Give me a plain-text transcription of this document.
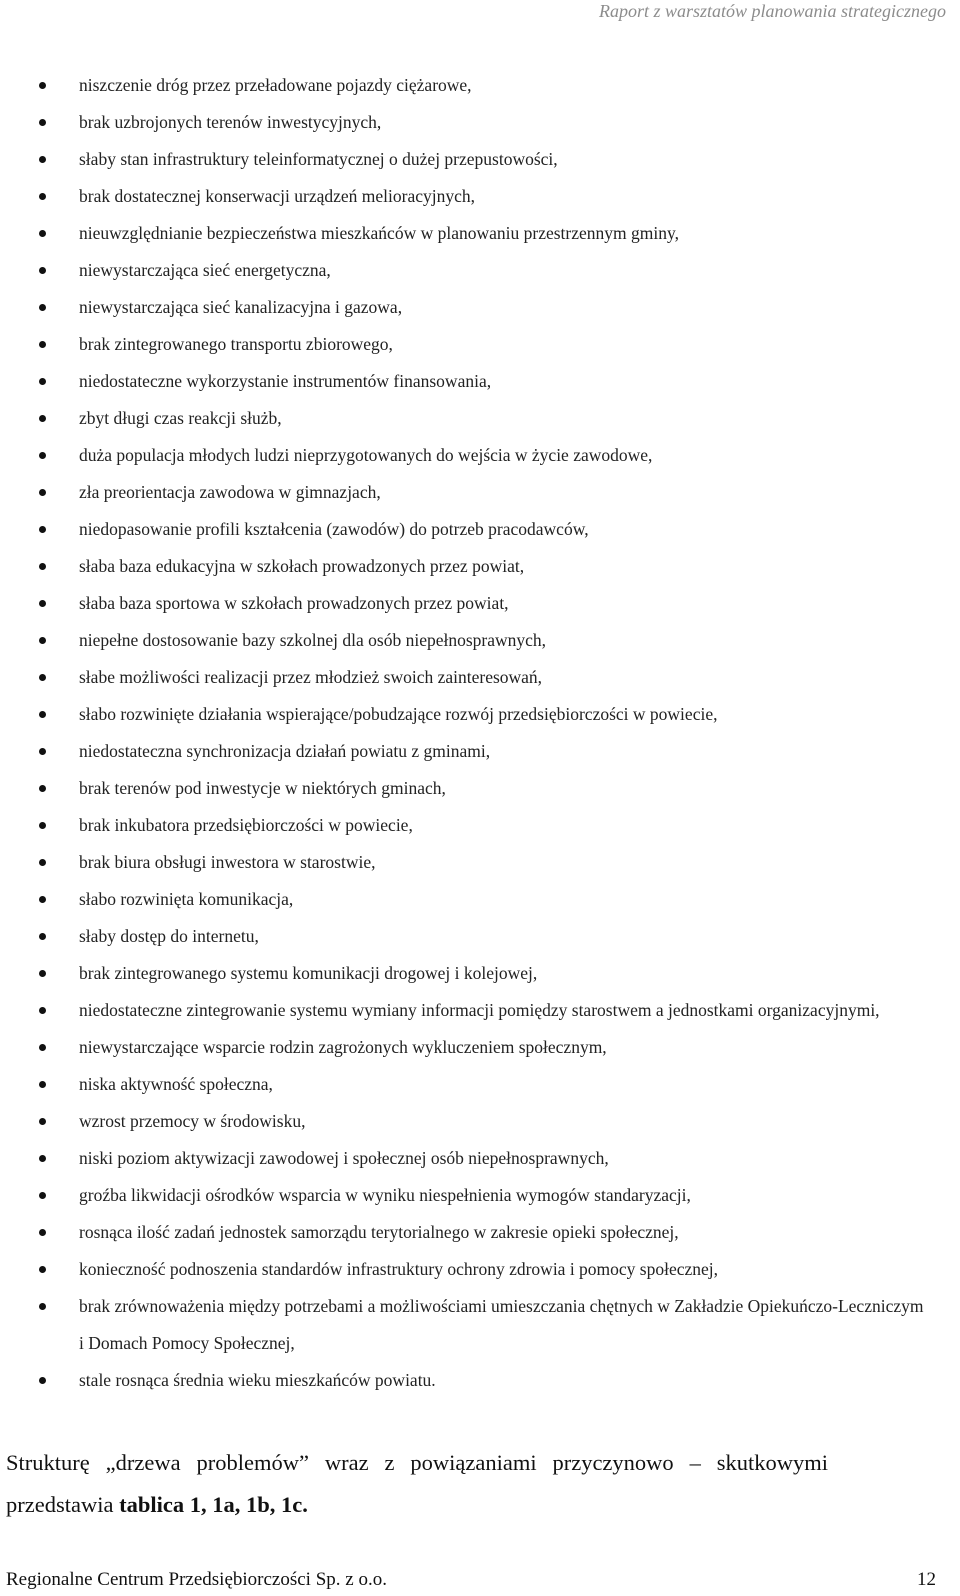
Raport z warsztatów planowania strategicznego
niszczenie dróg przez przeładowane pojazdy ciężarowe,
brak uzbrojonych terenów inwestycyjnych,
słaby stan infrastruktury teleinformatycznej o dużej przepustowości,
brak dostatecznej konserwacji urządzeń melioracyjnych,
nieuwzględnianie bezpieczeństwa mieszkańców w planowaniu przestrzennym gminy,
niewystarczająca sieć energetyczna,
niewystarczająca sieć kanalizacyjna i gazowa,
brak zintegrowanego transportu zbiorowego,
niedostateczne wykorzystanie instrumentów finansowania,
zbyt długi czas reakcji służb,
duża populacja młodych ludzi nieprzygotowanych do wejścia w życie zawodowe,
zła preorientacja zawodowa w gimnazjach,
niedopasowanie profili kształcenia (zawodów) do potrzeb pracodawców,
słaba baza edukacyjna w szkołach prowadzonych przez powiat,
słaba baza sportowa w szkołach prowadzonych przez powiat,
niepełne dostosowanie bazy szkolnej dla osób niepełnosprawnych,
słabe możliwości realizacji przez młodzież swoich zainteresowań,
słabo rozwinięte działania wspierające/pobudzające rozwój przedsiębiorczości w powiecie,
niedostateczna synchronizacja działań powiatu z gminami,
brak terenów pod inwestycje w niektórych gminach,
brak inkubatora przedsiębiorczości w powiecie,
brak biura obsługi inwestora w starostwie,
słabo rozwinięta komunikacja,
słaby dostęp do internetu,
brak zintegrowanego systemu komunikacji drogowej i kolejowej,
niedostateczne zintegrowanie systemu wymiany informacji pomiędzy starostwem a jednostkami organizacyjnymi,
niewystarczające wsparcie rodzin zagrożonych wykluczeniem społecznym,
niska aktywność społeczna,
wzrost przemocy w środowisku,
niski poziom aktywizacji zawodowej i społecznej osób niepełnosprawnych,
groźba likwidacji ośrodków wsparcia w wyniku niespełnienia wymogów standaryzacji,
rosnąca ilość zadań jednostek samorządu terytorialnego w zakresie opieki społecznej,
konieczność podnoszenia standardów infrastruktury ochrony zdrowia i pomocy społecznej,
brak zrównoważenia między potrzebami a możliwościami umieszczania chętnych w Zakładzie Opiekuńczo-Leczniczym i Domach Pomocy Społecznej,
stale rosnąca średnia wieku mieszkańców powiatu.

Strukturę „drzewa problemów” wraz z powiązaniami przyczynowo – skutkowymi przedstawia tablica 1, 1a, 1b, 1c.

Regionalne Centrum Przedsiębiorczości Sp. z o.o.	12
